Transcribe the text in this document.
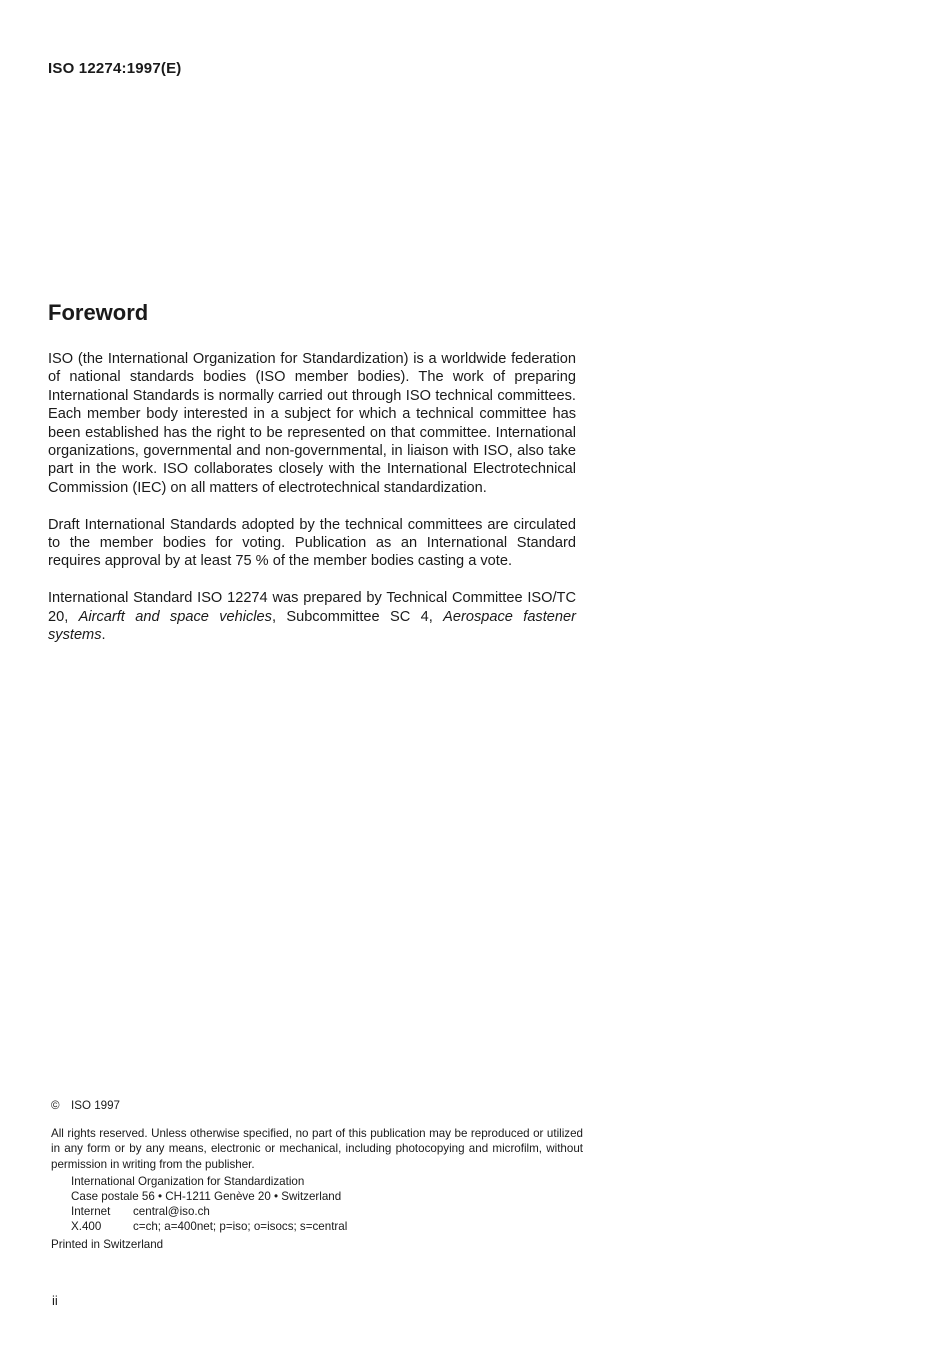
ISO 12274:1997(E)
Foreword

ISO (the International Organization for Standardization) is a worldwide federation of national standards bodies (ISO member bodies). The work of preparing International Standards is normally carried out through ISO technical committees. Each member body interested in a subject for which a technical committee has been established has the right to be represented on that committee. International organizations, governmental and non-governmental, in liaison with ISO, also take part in the work. ISO collaborates closely with the International Electrotechnical Commission (IEC) on all matters of electrotechnical standardization.

Draft International Standards adopted by the technical committees are circulated to the member bodies for voting. Publication as an International Standard requires approval by at least 75 % of the member bodies casting a vote.

International Standard ISO 12274 was prepared by Technical Committee ISO/TC 20, Aircarft and space vehicles, Subcommittee SC 4, Aerospace fastener systems.

© ISO 1997
All rights reserved. Unless otherwise specified, no part of this publication may be reproduced or utilized in any form or by any means, electronic or mechanical, including photocopying and microfilm, without permission in writing from the publisher.
International Organization for Standardization
Case postale 56 • CH-1211 Genève 20 • Switzerland
Internet central@iso.ch
X.400	c=ch; a=400net; p=iso; o=isocs; s=central
Printed in Switzerland
ii
